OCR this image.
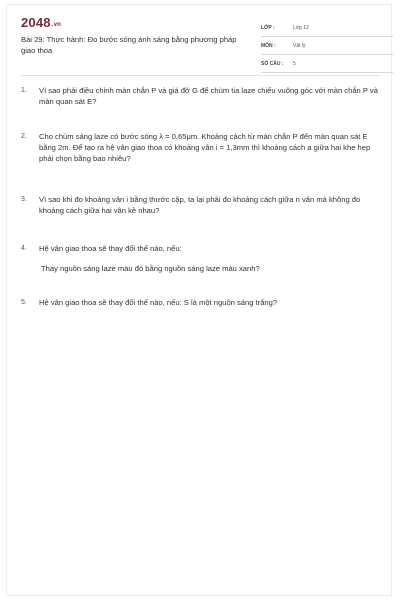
2048.vn
Bài 29: Thực hành: Đo bước sóng ánh sáng bằng phương pháp giao thoa
LỚP :	Lớp 12
MÔN :	Vật lý
SỐ CÂU : 5
1. Vì sao phải điều chỉnh màn chắn P và giá đỡ G để chùm tia laze chiếu vuông góc với màn chắn P và màn quan sát E?
2. Cho chùm sáng laze có bước sóng λ = 0,65μm. Khoảng cách từ màn chắn P đến màn quan sát E bằng 2m. Để tạo ra hệ vân giao thoa có khoảng vân i = 1,3mm thì khoảng cách a giữa hai khe hẹp phải chọn bằng bao nhiêu?
3. Vì sao khi đo khoảng vân i bằng thước cặp, ta lại phải đo khoảng cách giữa n vân mà không đo khoảng cách giữa hai vân kề nhau?
4. Hệ vân giao thoa sẽ thay đổi thế nào, nếu:
Thay nguồn sáng laze màu đỏ bằng nguồn sáng laze màu xanh?
5. Hệ vân giao thoa sẽ thay đổi thế nào, nếu: S là một nguồn sáng trắng?
